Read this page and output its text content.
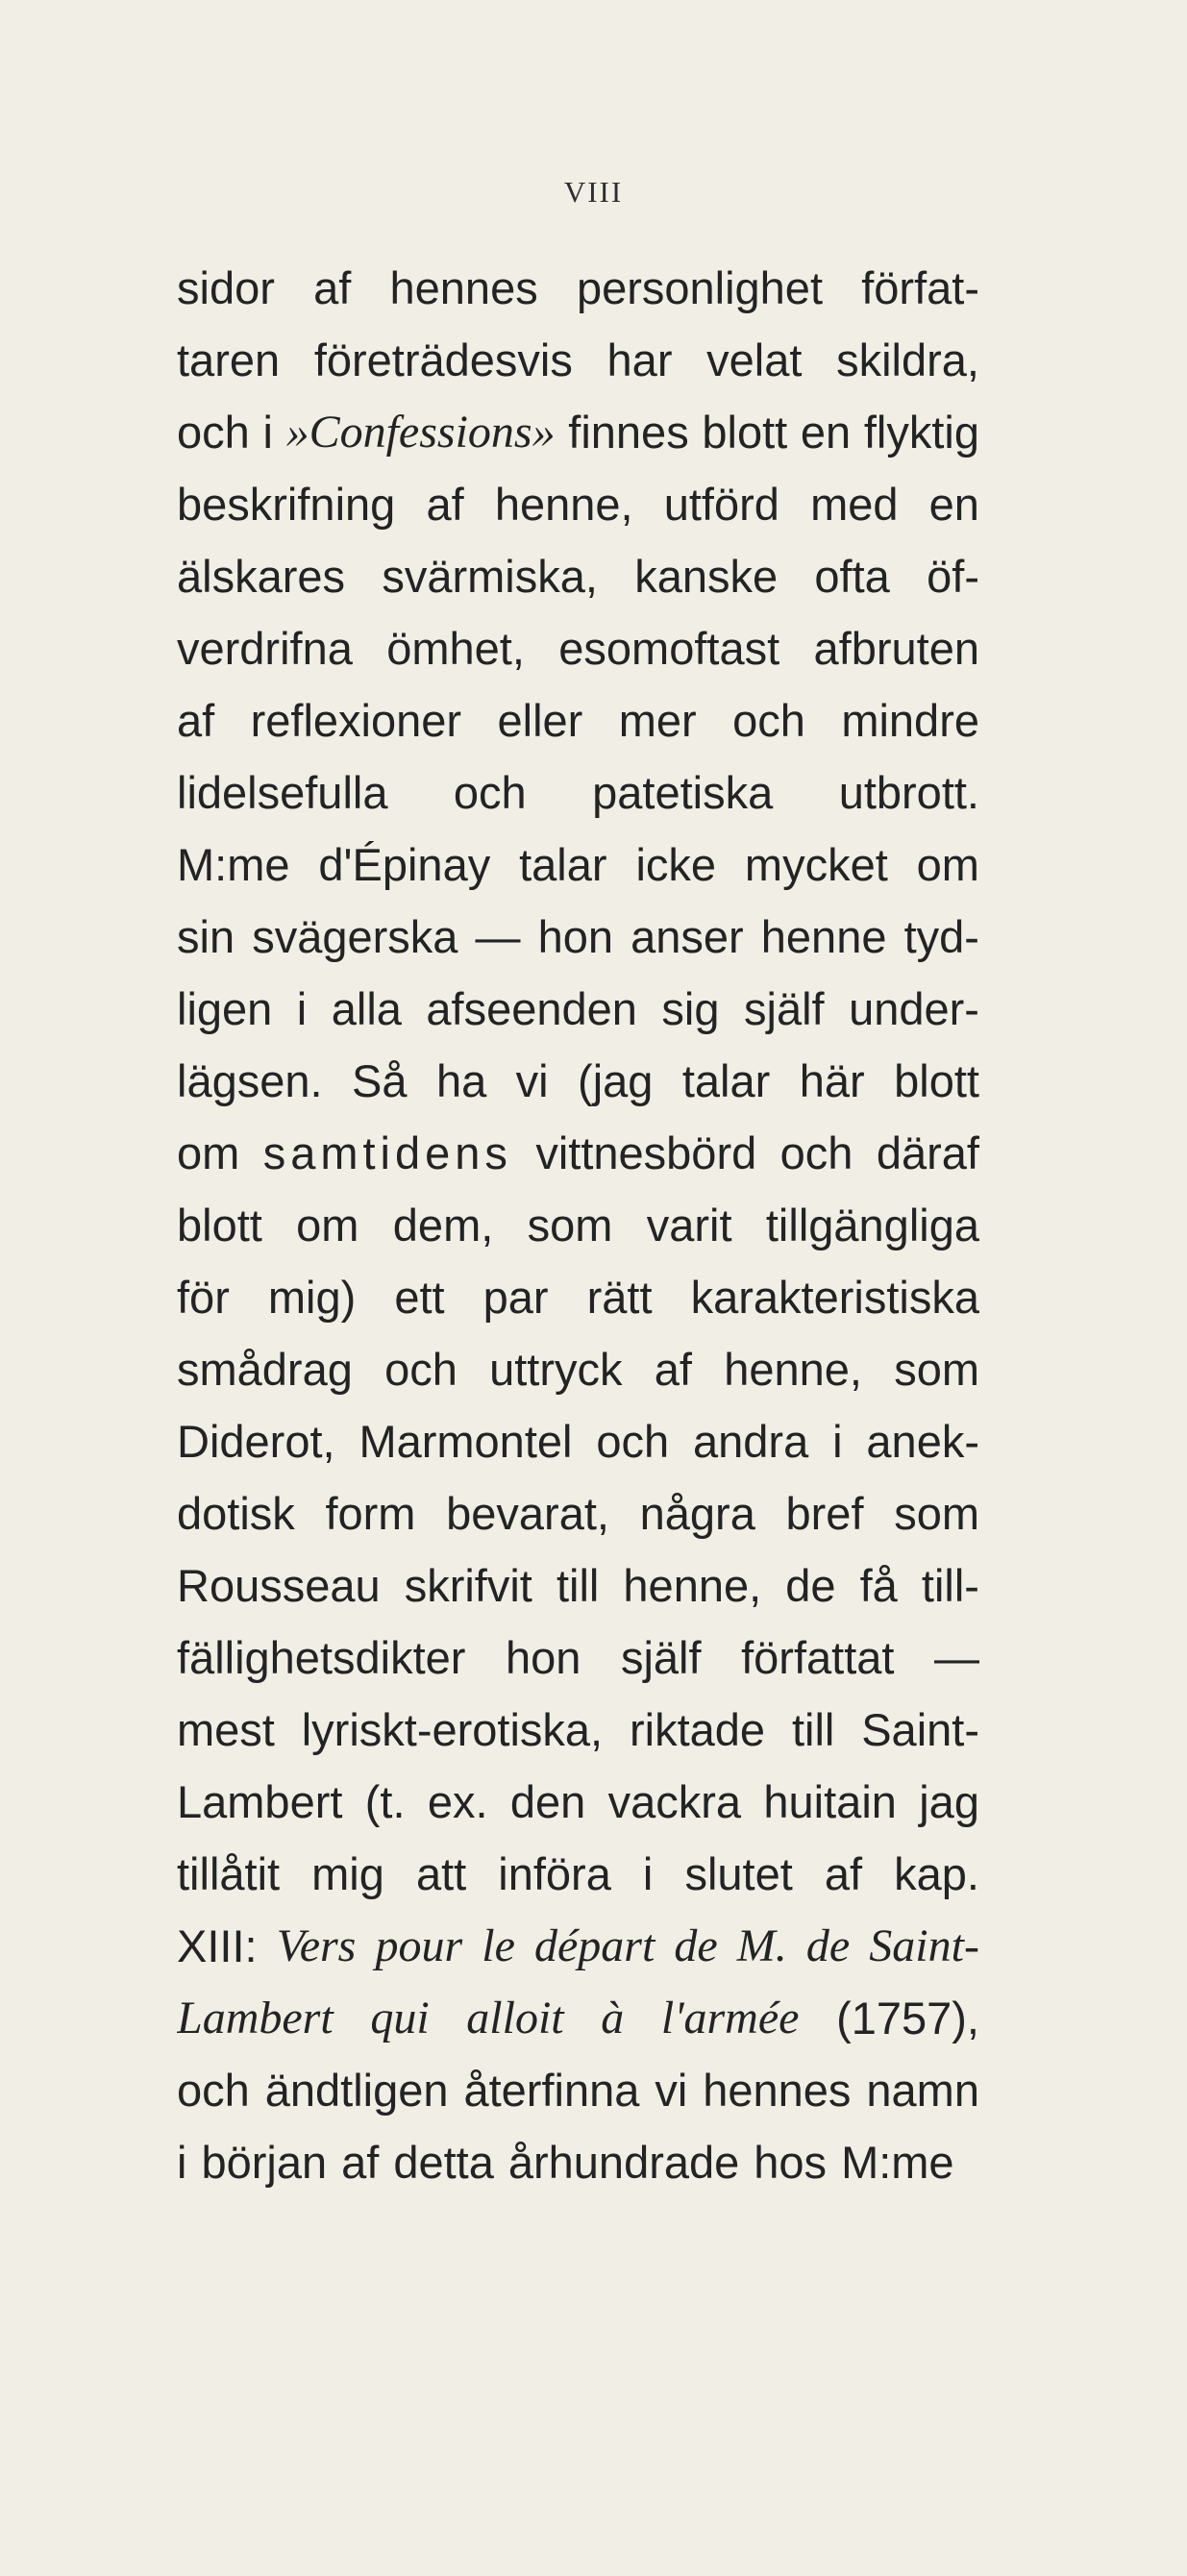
VIII
sidor af hennes personlighet förfat-
taren företrädesvis har velat skildra,
och i »Confessions» finnes blott en flyktig
beskrifning af henne, utförd med en
älskares svärmiska, kanske ofta öf-
verdrifna ömhet, esomoftast afbruten
af reflexioner eller mer och mindre
lidelsefulla och patetiska utbrott.
M:me d'Épinay talar icke mycket om
sin svägerska — hon anser henne tyd-
ligen i alla afseenden sig själf under-
lägsen. Så ha vi (jag talar här blott
om samtidens vittnesbörd och däraf
blott om dem, som varit tillgängliga
för mig) ett par rätt karakteristiska
smådrag och uttryck af henne, som
Diderot, Marmontel och andra i anek-
dotisk form bevarat, några bref som
Rousseau skrifvit till henne, de få till-
fällighetsdikter hon själf författat —
mest lyriskt-erotiska, riktade till Saint-
Lambert (t. ex. den vackra huitain jag
tillåtit mig att införa i slutet af kap.
XIII: Vers pour le départ de M. de Saint-
Lambert qui alloit à l'armée (1757),
och ändtligen återfinna vi hennes namn
i början af detta århundrade hos M:me
